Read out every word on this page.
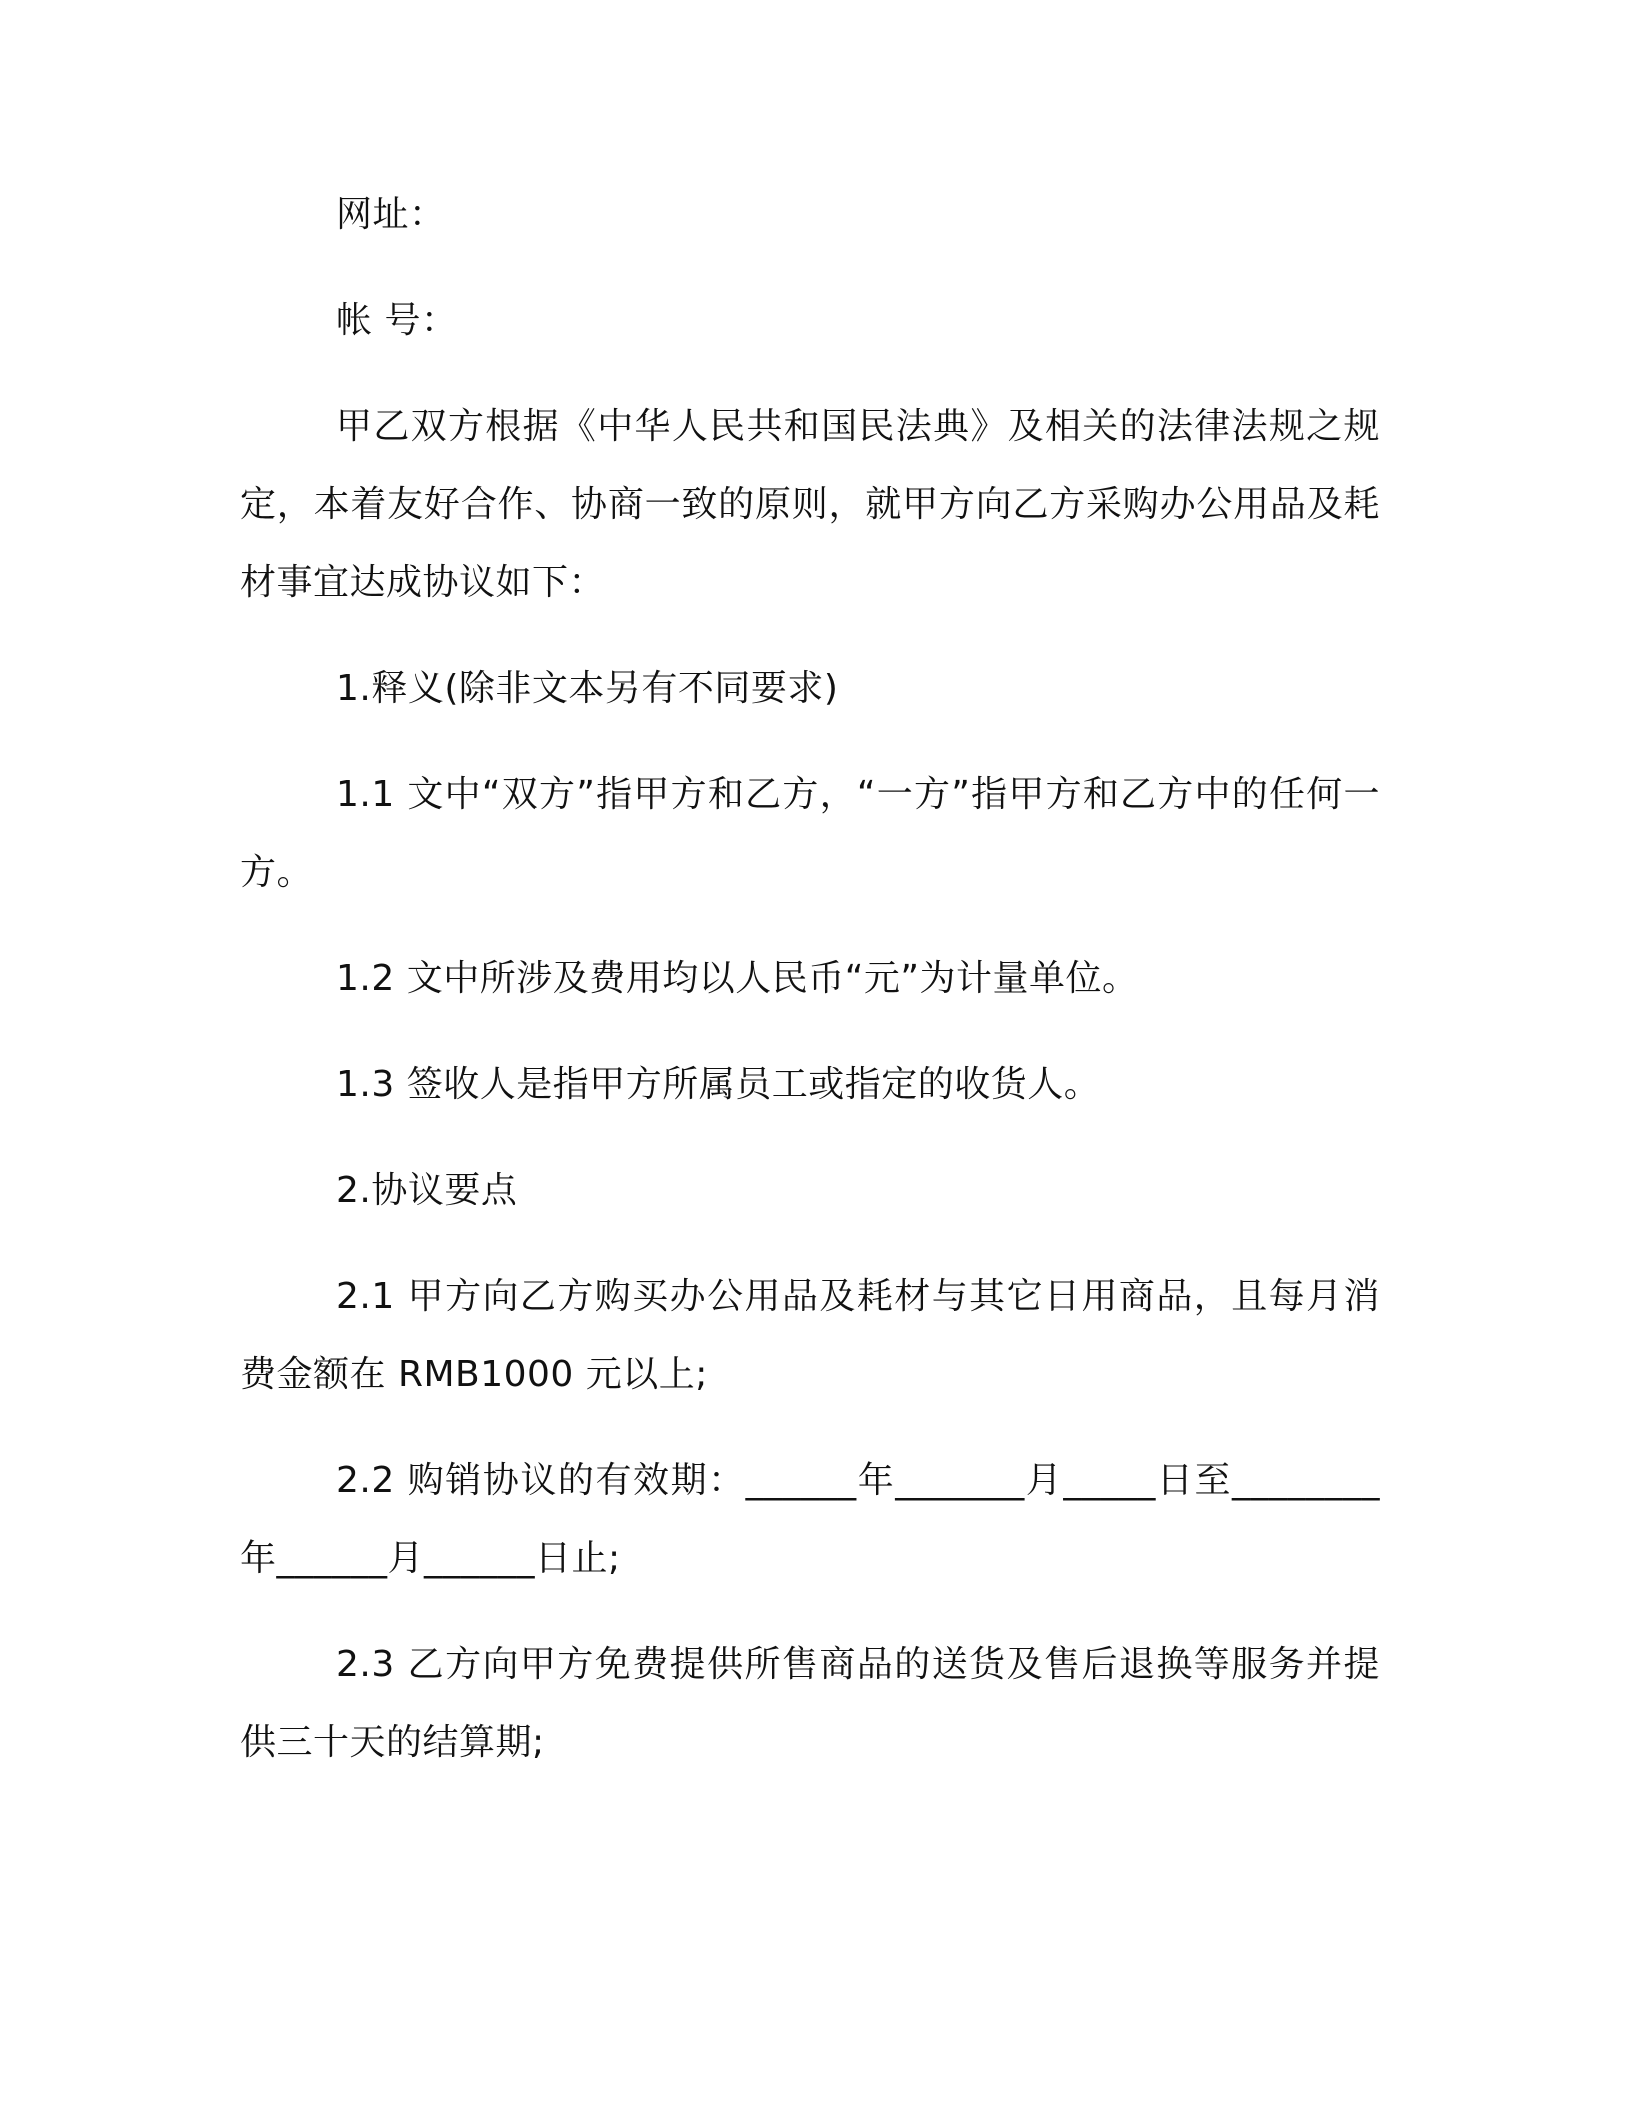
网址：

帐 号：

甲乙双方根据《中华人民共和国民法典》及相关的法律法规之规定，本着友好合作、协商一致的原则，就甲方向乙方采购办公用品及耗材事宜达成协议如下：

1.释义(除非文本另有不同要求)

1.1 文中“双方”指甲方和乙方，“一方”指甲方和乙方中的任何一方。

1.2 文中所涉及费用均以人民币“元”为计量单位。

1.3 签收人是指甲方所属员工或指定的收货人。

2.协议要点

2.1 甲方向乙方购买办公用品及耗材与其它日用商品，且每月消费金额在 RMB1000 元以上;

2.2 购销协议的有效期：______年_______月_____日至________年______月______日止;

2.3 乙方向甲方免费提供所售商品的送货及售后退换等服务并提供三十天的结算期;
